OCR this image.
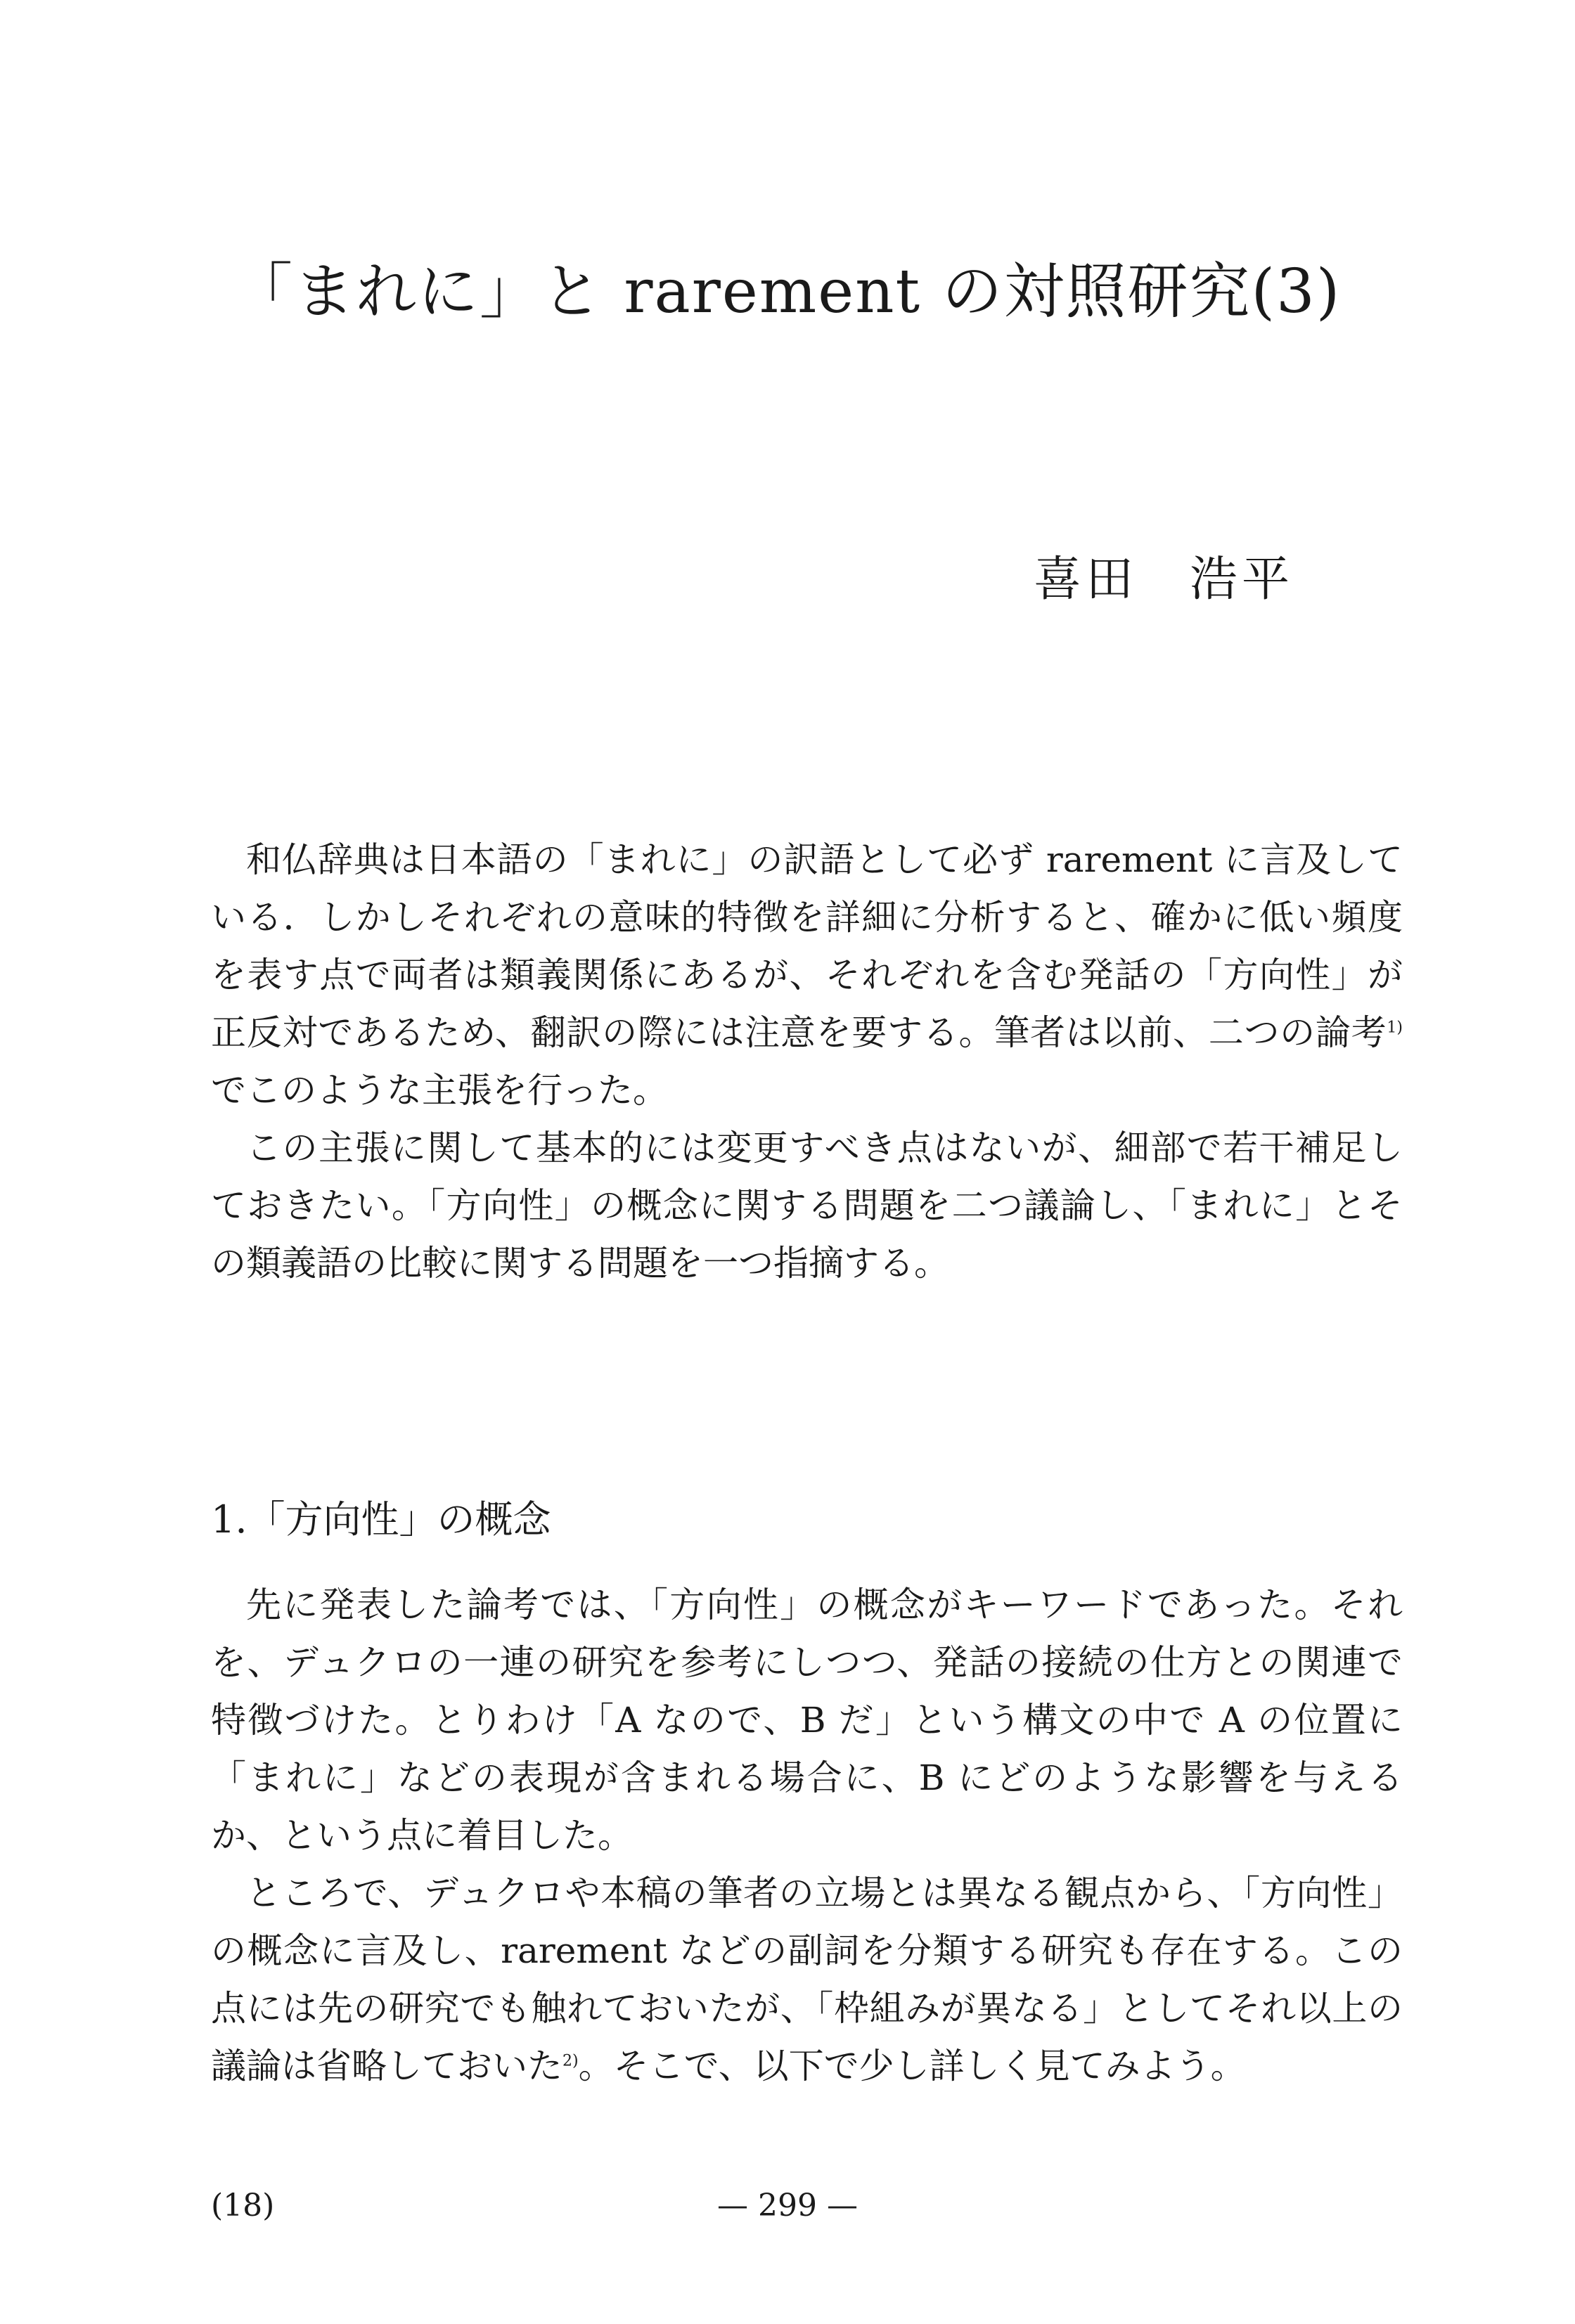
「まれに」と rarement の対照研究(3)
喜田　浩平

和仏辞典は日本語の「まれに」の訳語として必ず rarement に言及している．しかしそれぞれの意味的特徴を詳細に分析すると、確かに低い頻度を表す点で両者は類義関係にあるが、それぞれを含む発話の「方向性」が正反対であるため、翻訳の際には注意を要する。筆者は以前、二つの論考$^{1)}$でこのような主張を行った。

この主張に関して基本的には変更すべき点はないが、細部で若干補足しておきたい。「方向性」の概念に関する問題を二つ議論し、「まれに」とその類義語の比較に関する問題を一つ指摘する。

1.「方向性」の概念

先に発表した論考では、「方向性」の概念がキーワードであった。それを、デュクロの一連の研究を参考にしつつ、発話の接続の仕方との関連で特徴づけた。とりわけ「A なので、B だ」という構文の中で A の位置に「まれに」などの表現が含まれる場合に、B にどのような影響を与えるか、という点に着目した。

ところで、デュクロや本稿の筆者の立場とは異なる観点から、「方向性」の概念に言及し、rarement などの副詞を分類する研究も存在する。この点には先の研究でも触れておいたが、「枠組みが異なる」としてそれ以上の議論は省略しておいた$^{2)}$。そこで、以下で少し詳しく見てみよう。

(18)	— 299 —
